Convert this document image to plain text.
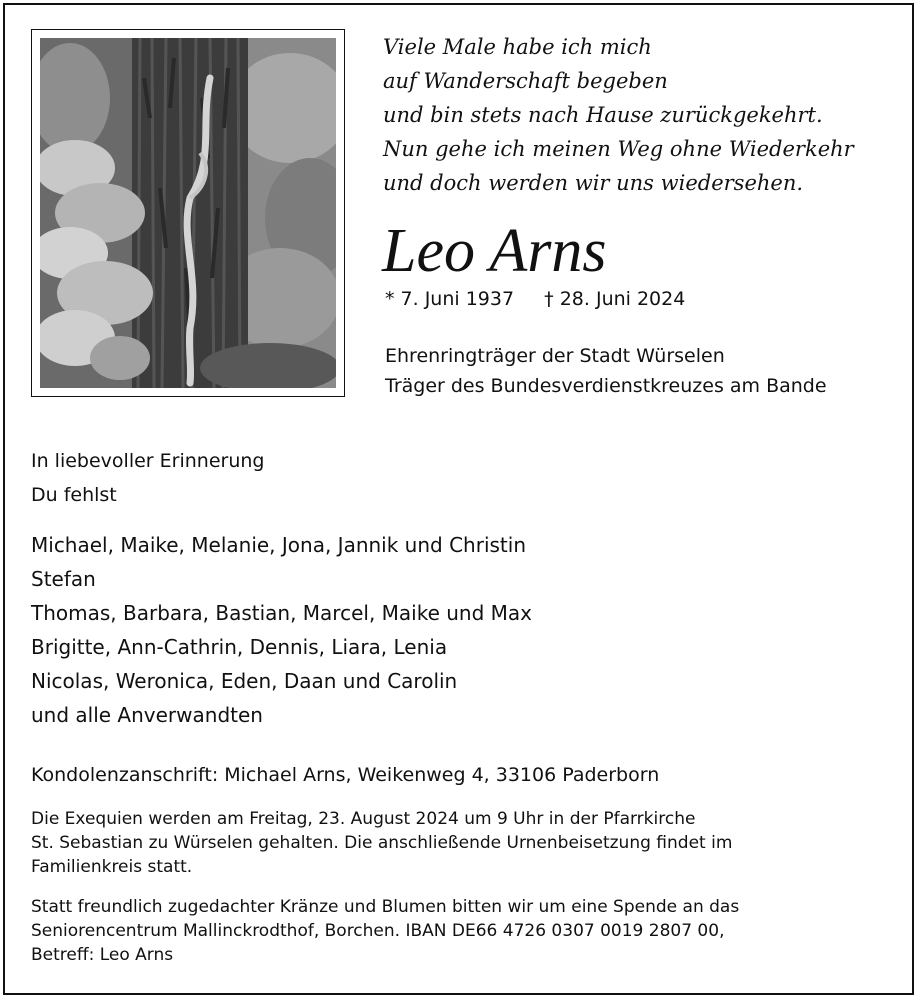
Viele Male habe ich mich
auf Wanderschaft begeben
und bin stets nach Hause zurückgekehrt.
Nun gehe ich meinen Weg ohne Wiederkehr
und doch werden wir uns wiedersehen.
Leo Arns
* 7. Juni 1937 † 28. Juni 2024
Ehrenringträger der Stadt Würselen
Träger des Bundesverdienstkreuzes am Bande
In liebevoller Erinnerung
Du fehlst
Michael, Maike, Melanie, Jona, Jannik und Christin
Stefan
Thomas, Barbara, Bastian, Marcel, Maike und Max
Brigitte, Ann-Cathrin, Dennis, Liara, Lenia
Nicolas, Weronica, Eden, Daan und Carolin
und alle Anverwandten
Kondolenzanschrift: Michael Arns, Weikenweg 4, 33106 Paderborn
Die Exequien werden am Freitag, 23. August 2024 um 9 Uhr in der Pfarrkirche
St. Sebastian zu Würselen gehalten. Die anschließende Urnenbeisetzung findet im
Familienkreis statt.
Statt freundlich zugedachter Kränze und Blumen bitten wir um eine Spende an das
Seniorencentrum Mallinckrodthof, Borchen. IBAN DE66 4726 0307 0019 2807 00,
Betreff: Leo Arns
